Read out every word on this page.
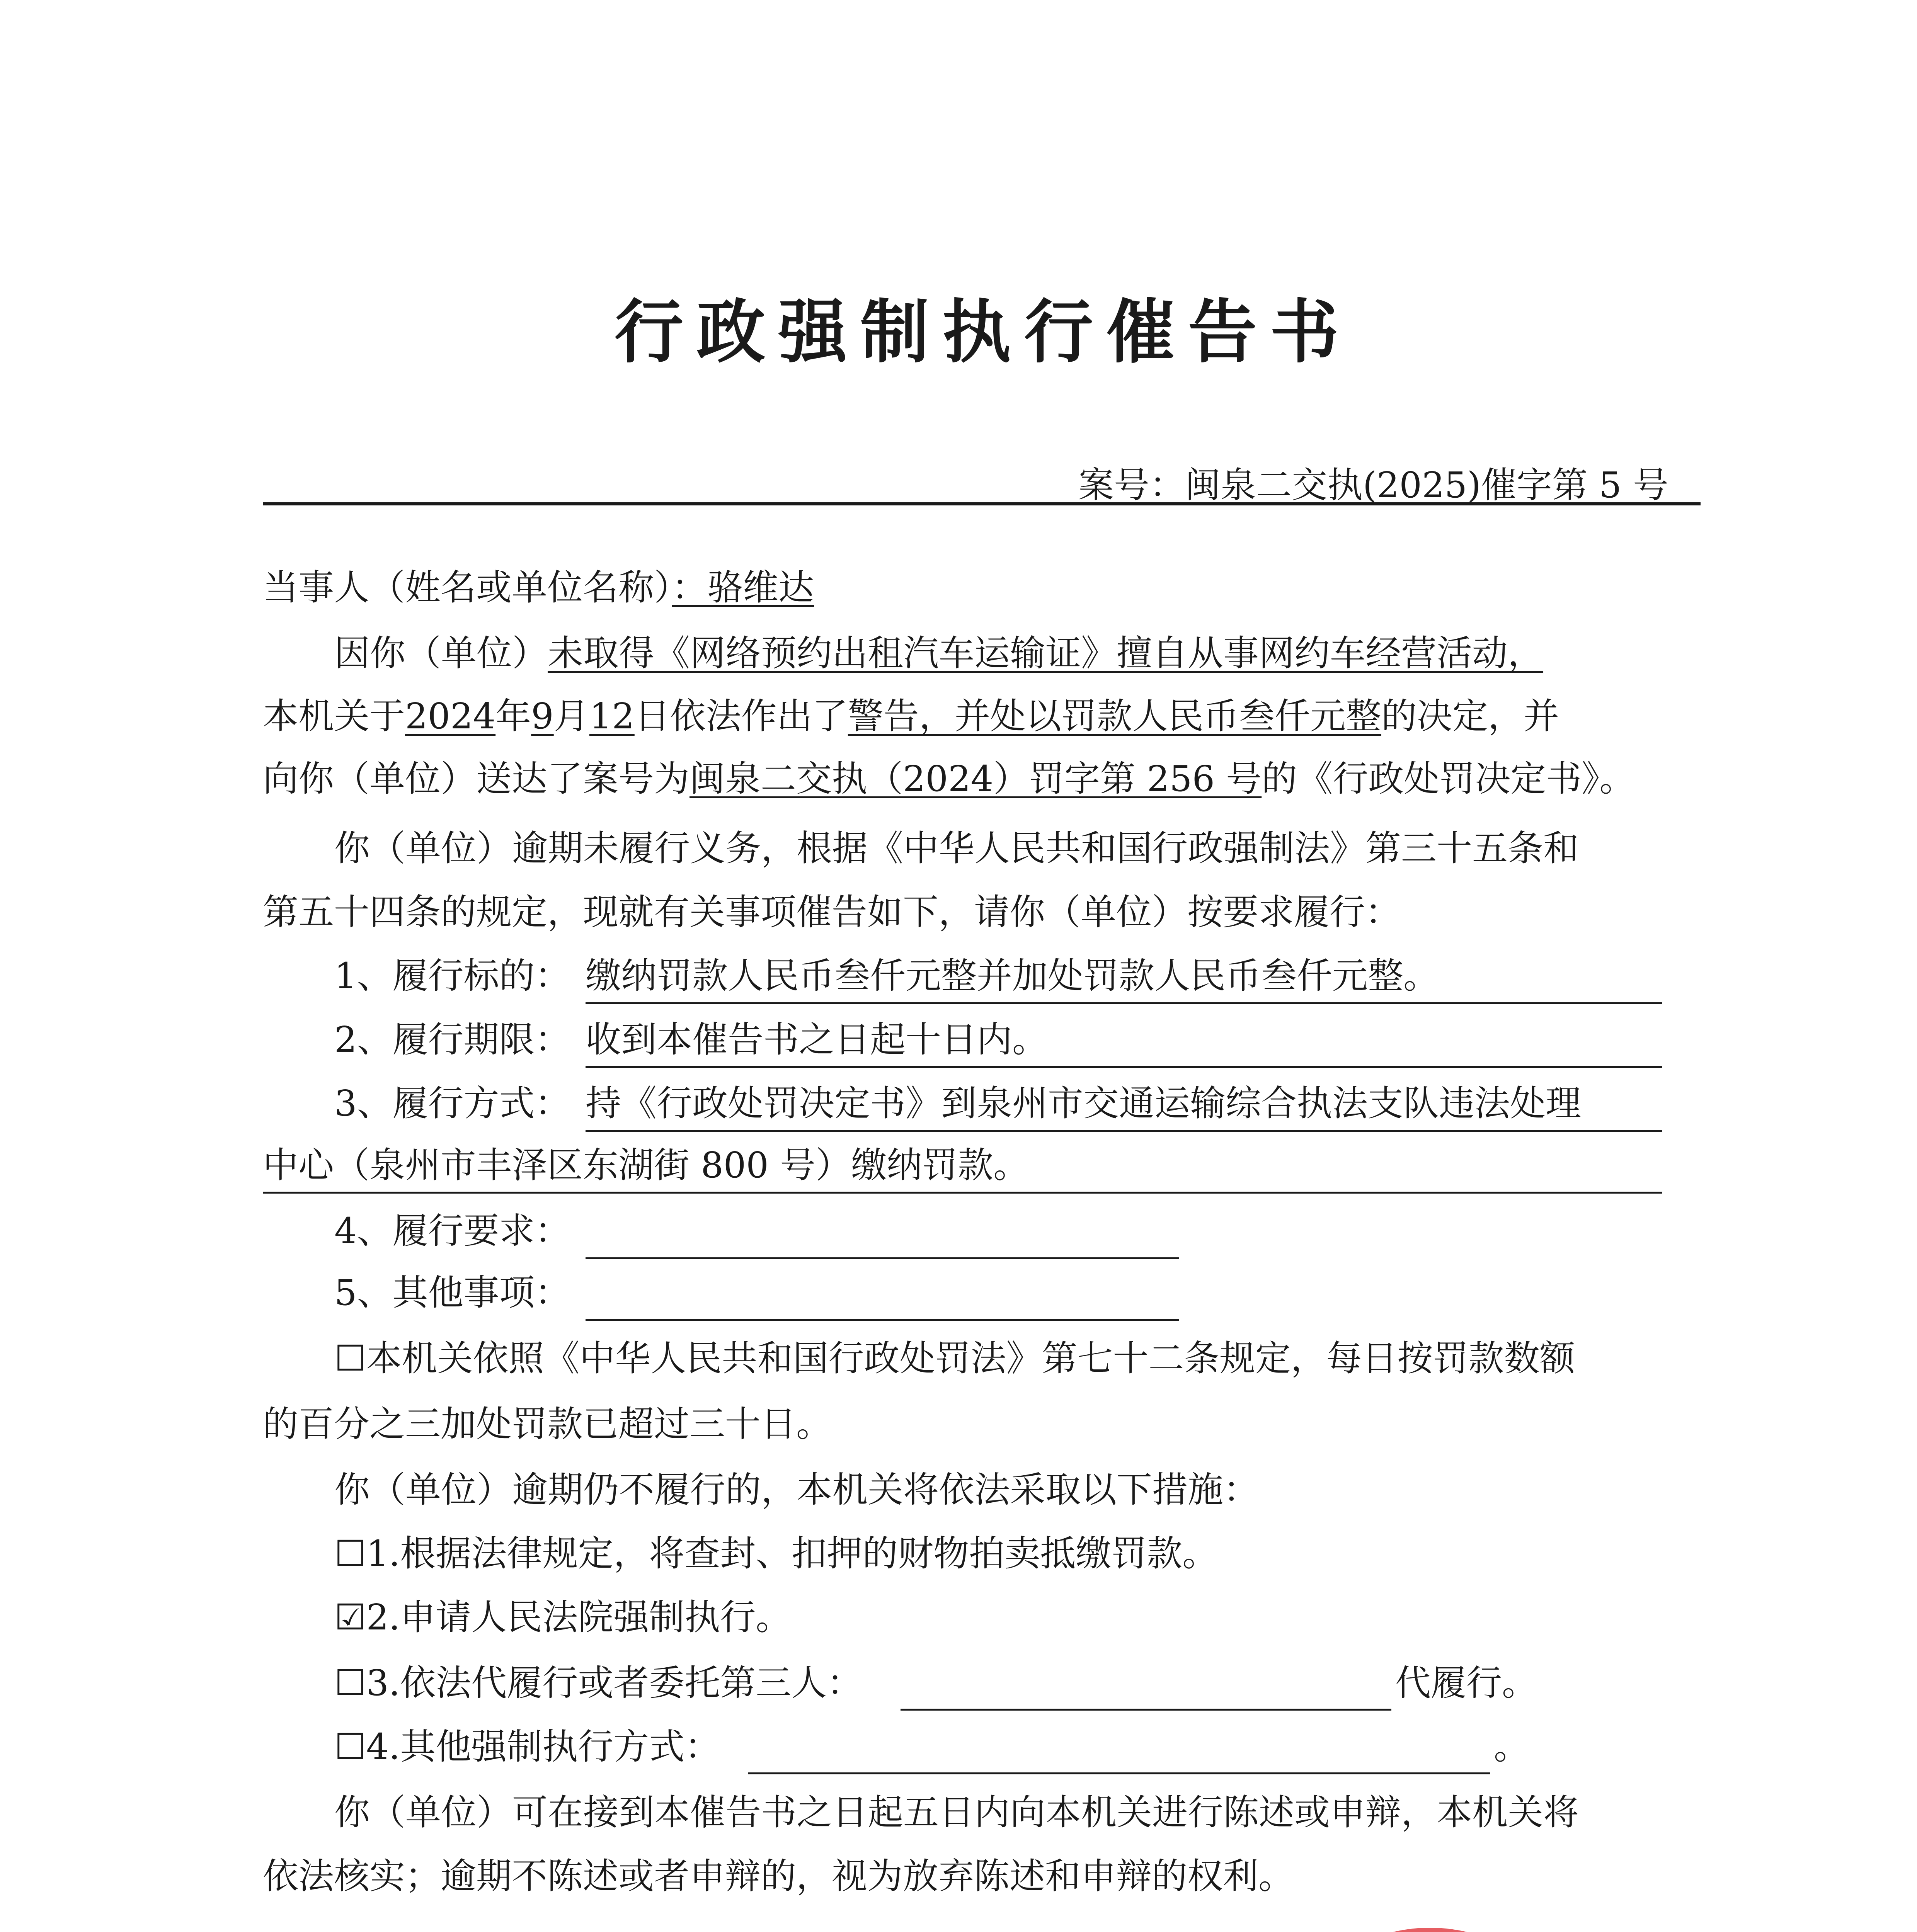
行政强制执行催告书
案号：闽泉二交执(2025)催字第 5 号
当事人（姓名或单位名称）：骆维达
因你（单位）未取得《网络预约出租汽车运输证》擅自从事网约车经营活动，
本机关于2024年9月12日依法作出了警告，并处以罚款人民币叁仟元整的决定，并
向你（单位）送达了案号为闽泉二交执（2024）罚字第 256 号的《行政处罚决定书》。
你（单位）逾期未履行义务，根据《中华人民共和国行政强制法》第三十五条和
第五十四条的规定，现就有关事项催告如下，请你（单位）按要求履行：
1、履行标的： 缴纳罚款人民币叁仟元整并加处罚款人民币叁仟元整。
2、履行期限： 收到本催告书之日起十日内。
3、履行方式： 持《行政处罚决定书》到泉州市交通运输综合执法支队违法处理
中心（泉州市丰泽区东湖街 800 号）缴纳罚款。
4、履行要求：
5、其他事项：
☐本机关依照《中华人民共和国行政处罚法》第七十二条规定，每日按罚款数额
的百分之三加处罚款已超过三十日。
你（单位）逾期仍不履行的，本机关将依法采取以下措施：
☐1.根据法律规定，将查封、扣押的财物拍卖抵缴罚款。
☑2.申请人民法院强制执行。
☐3.依法代履行或者委托第三人：	代履行。
☐4.其他强制执行方式：	。
你（单位）可在接到本催告书之日起五日内向本机关进行陈述或申辩，本机关将
依法核实；逾期不陈述或者申辩的，视为放弃陈述和申辩的权利。
